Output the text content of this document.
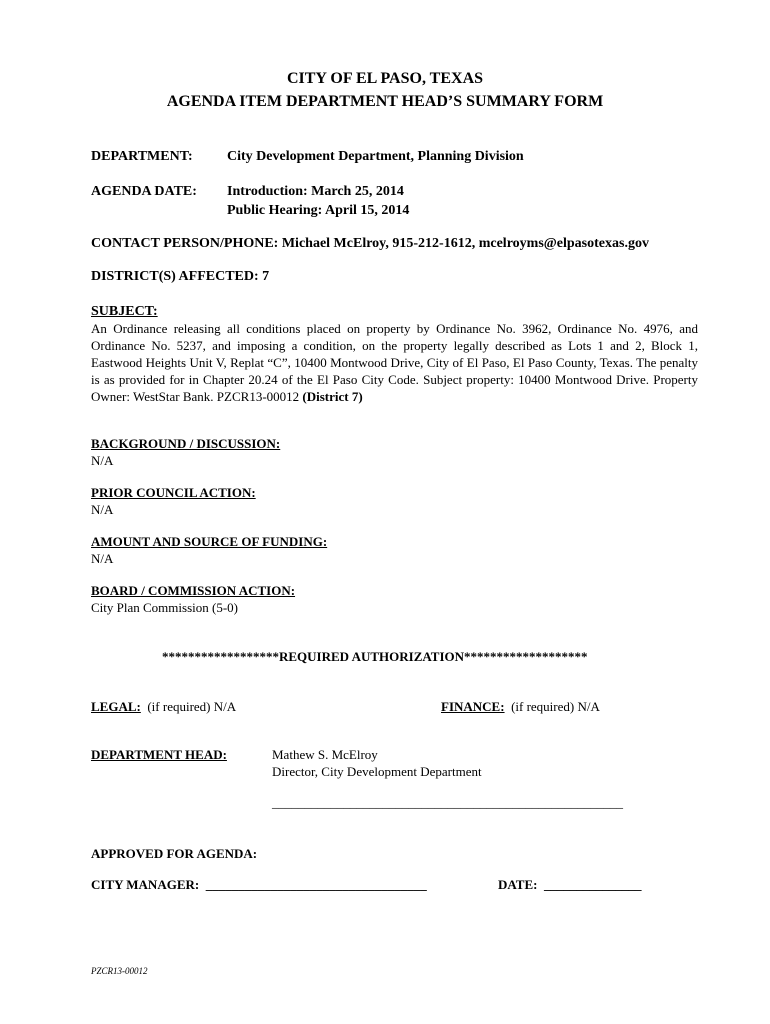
CITY OF EL PASO, TEXAS
AGENDA ITEM DEPARTMENT HEAD’S SUMMARY FORM
DEPARTMENT: City Development Department, Planning Division
AGENDA DATE: Introduction: March 25, 2014
Public Hearing: April 15, 2014
CONTACT PERSON/PHONE: Michael McElroy, 915-212-1612, mcelroyms@elpasotexas.gov
DISTRICT(S) AFFECTED: 7
SUBJECT:
An Ordinance releasing all conditions placed on property by Ordinance No. 3962, Ordinance No. 4976, and Ordinance No. 5237, and imposing a condition, on the property legally described as Lots 1 and 2, Block 1, Eastwood Heights Unit V, Replat “C”, 10400 Montwood Drive, City of El Paso, El Paso County, Texas. The penalty is as provided for in Chapter 20.24 of the El Paso City Code. Subject property: 10400 Montwood Drive. Property Owner: WestStar Bank. PZCR13-00012 (District 7)
BACKGROUND / DISCUSSION:
N/A
PRIOR COUNCIL ACTION:
N/A
AMOUNT AND SOURCE OF FUNDING:
N/A
BOARD / COMMISSION ACTION:
City Plan Commission (5-0)
******************REQUIRED AUTHORIZATION*******************
LEGAL: (if required) N/A	FINANCE: (if required) N/A
DEPARTMENT HEAD:	Mathew S. McElroy
Director, City Development Department
______________________________________________________
APPROVED FOR AGENDA:
CITY MANAGER: __________________________________	DATE: _______________
PZCR13-00012
